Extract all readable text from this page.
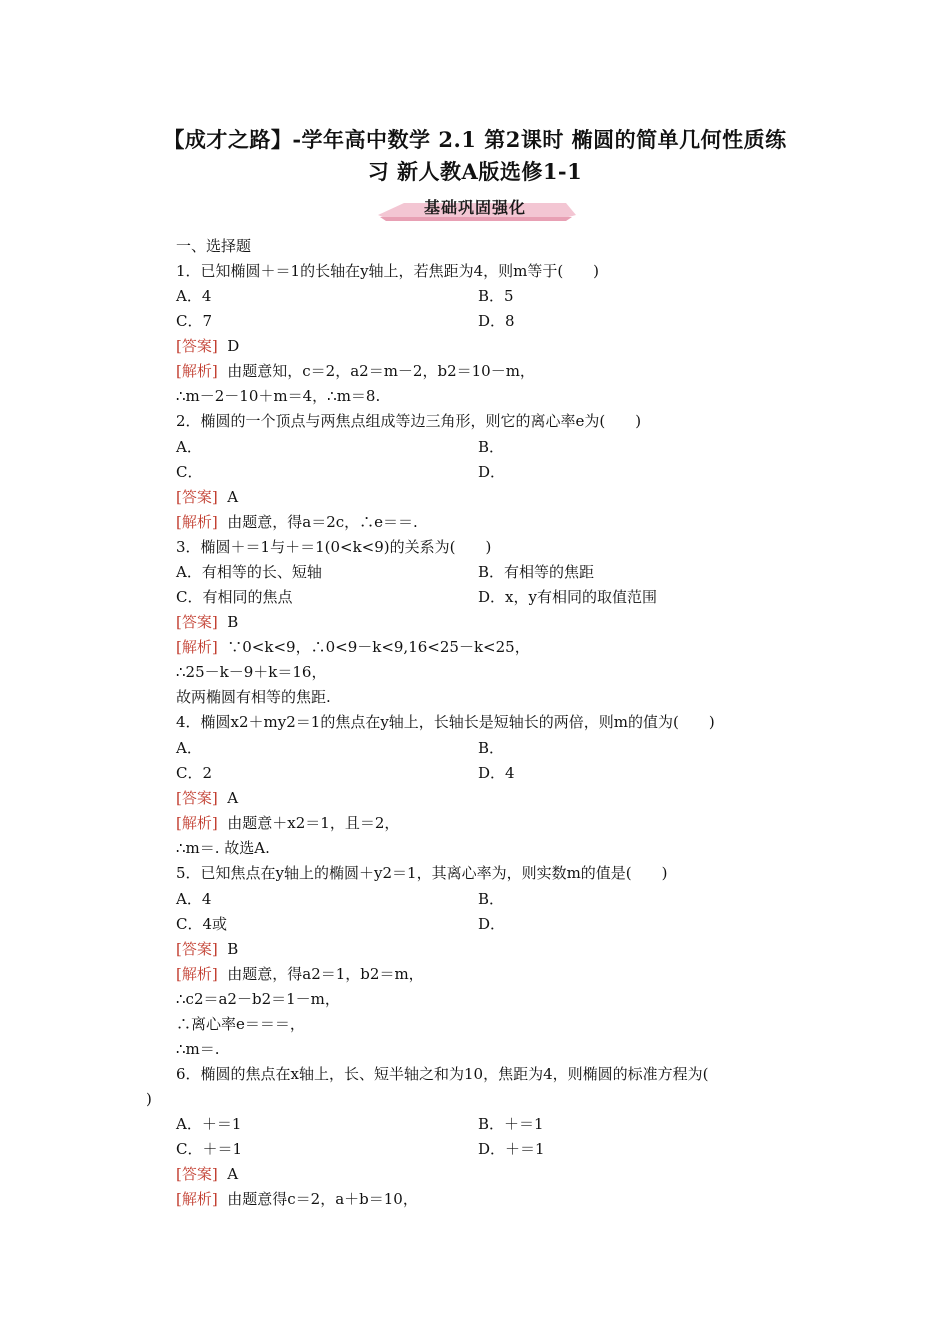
【成才之路】-学年高中数学 2.1 第2课时 椭圆的简单几何性质练
习 新人教A版选修1-1
基础巩固强化
一、选择题
1．已知椭圆＋＝1的长轴在y轴上，若焦距为4，则m等于(　　)
A．4	B．5
C．7	D．8
[答案] D
[解析] 由题意知，c＝2，a2＝m－2，b2＝10－m，
∴m－2－10＋m＝4，∴m＝8.
2．椭圆的一个顶点与两焦点组成等边三角形，则它的离心率e为(　　)
A．	B．
C．	D．
[答案] A
[解析] 由题意，得a＝2c，∴e＝＝.
3．椭圆＋＝1与＋＝1(0<k<9)的关系为(　　)
A．有相等的长、短轴	B．有相等的焦距
C．有相同的焦点	D．x，y有相同的取值范围
[答案] B
[解析] ∵0<k<9，∴0<9－k<9,16<25－k<25，
∴25－k－9＋k＝16，
故两椭圆有相等的焦距.
4．椭圆x2＋my2＝1的焦点在y轴上，长轴长是短轴长的两倍，则m的值为(　　)
A．	B．
C．2	D．4
[答案] A
[解析] 由题意＋x2＝1，且＝2，
∴m＝. 故选A.
5．已知焦点在y轴上的椭圆＋y2＝1，其离心率为，则实数m的值是(　　)
A．4	B．
C．4或	D．
[答案] B
[解析] 由题意，得a2＝1，b2＝m，
∴c2＝a2－b2＝1－m，
∴离心率e＝＝＝，
∴m＝.
6．椭圆的焦点在x轴上，长、短半轴之和为10，焦距为4，则椭圆的标准方程为(
)
A．＋＝1	B．＋＝1
C．＋＝1	D．＋＝1
[答案] A
[解析] 由题意得c＝2，a＋b＝10，
